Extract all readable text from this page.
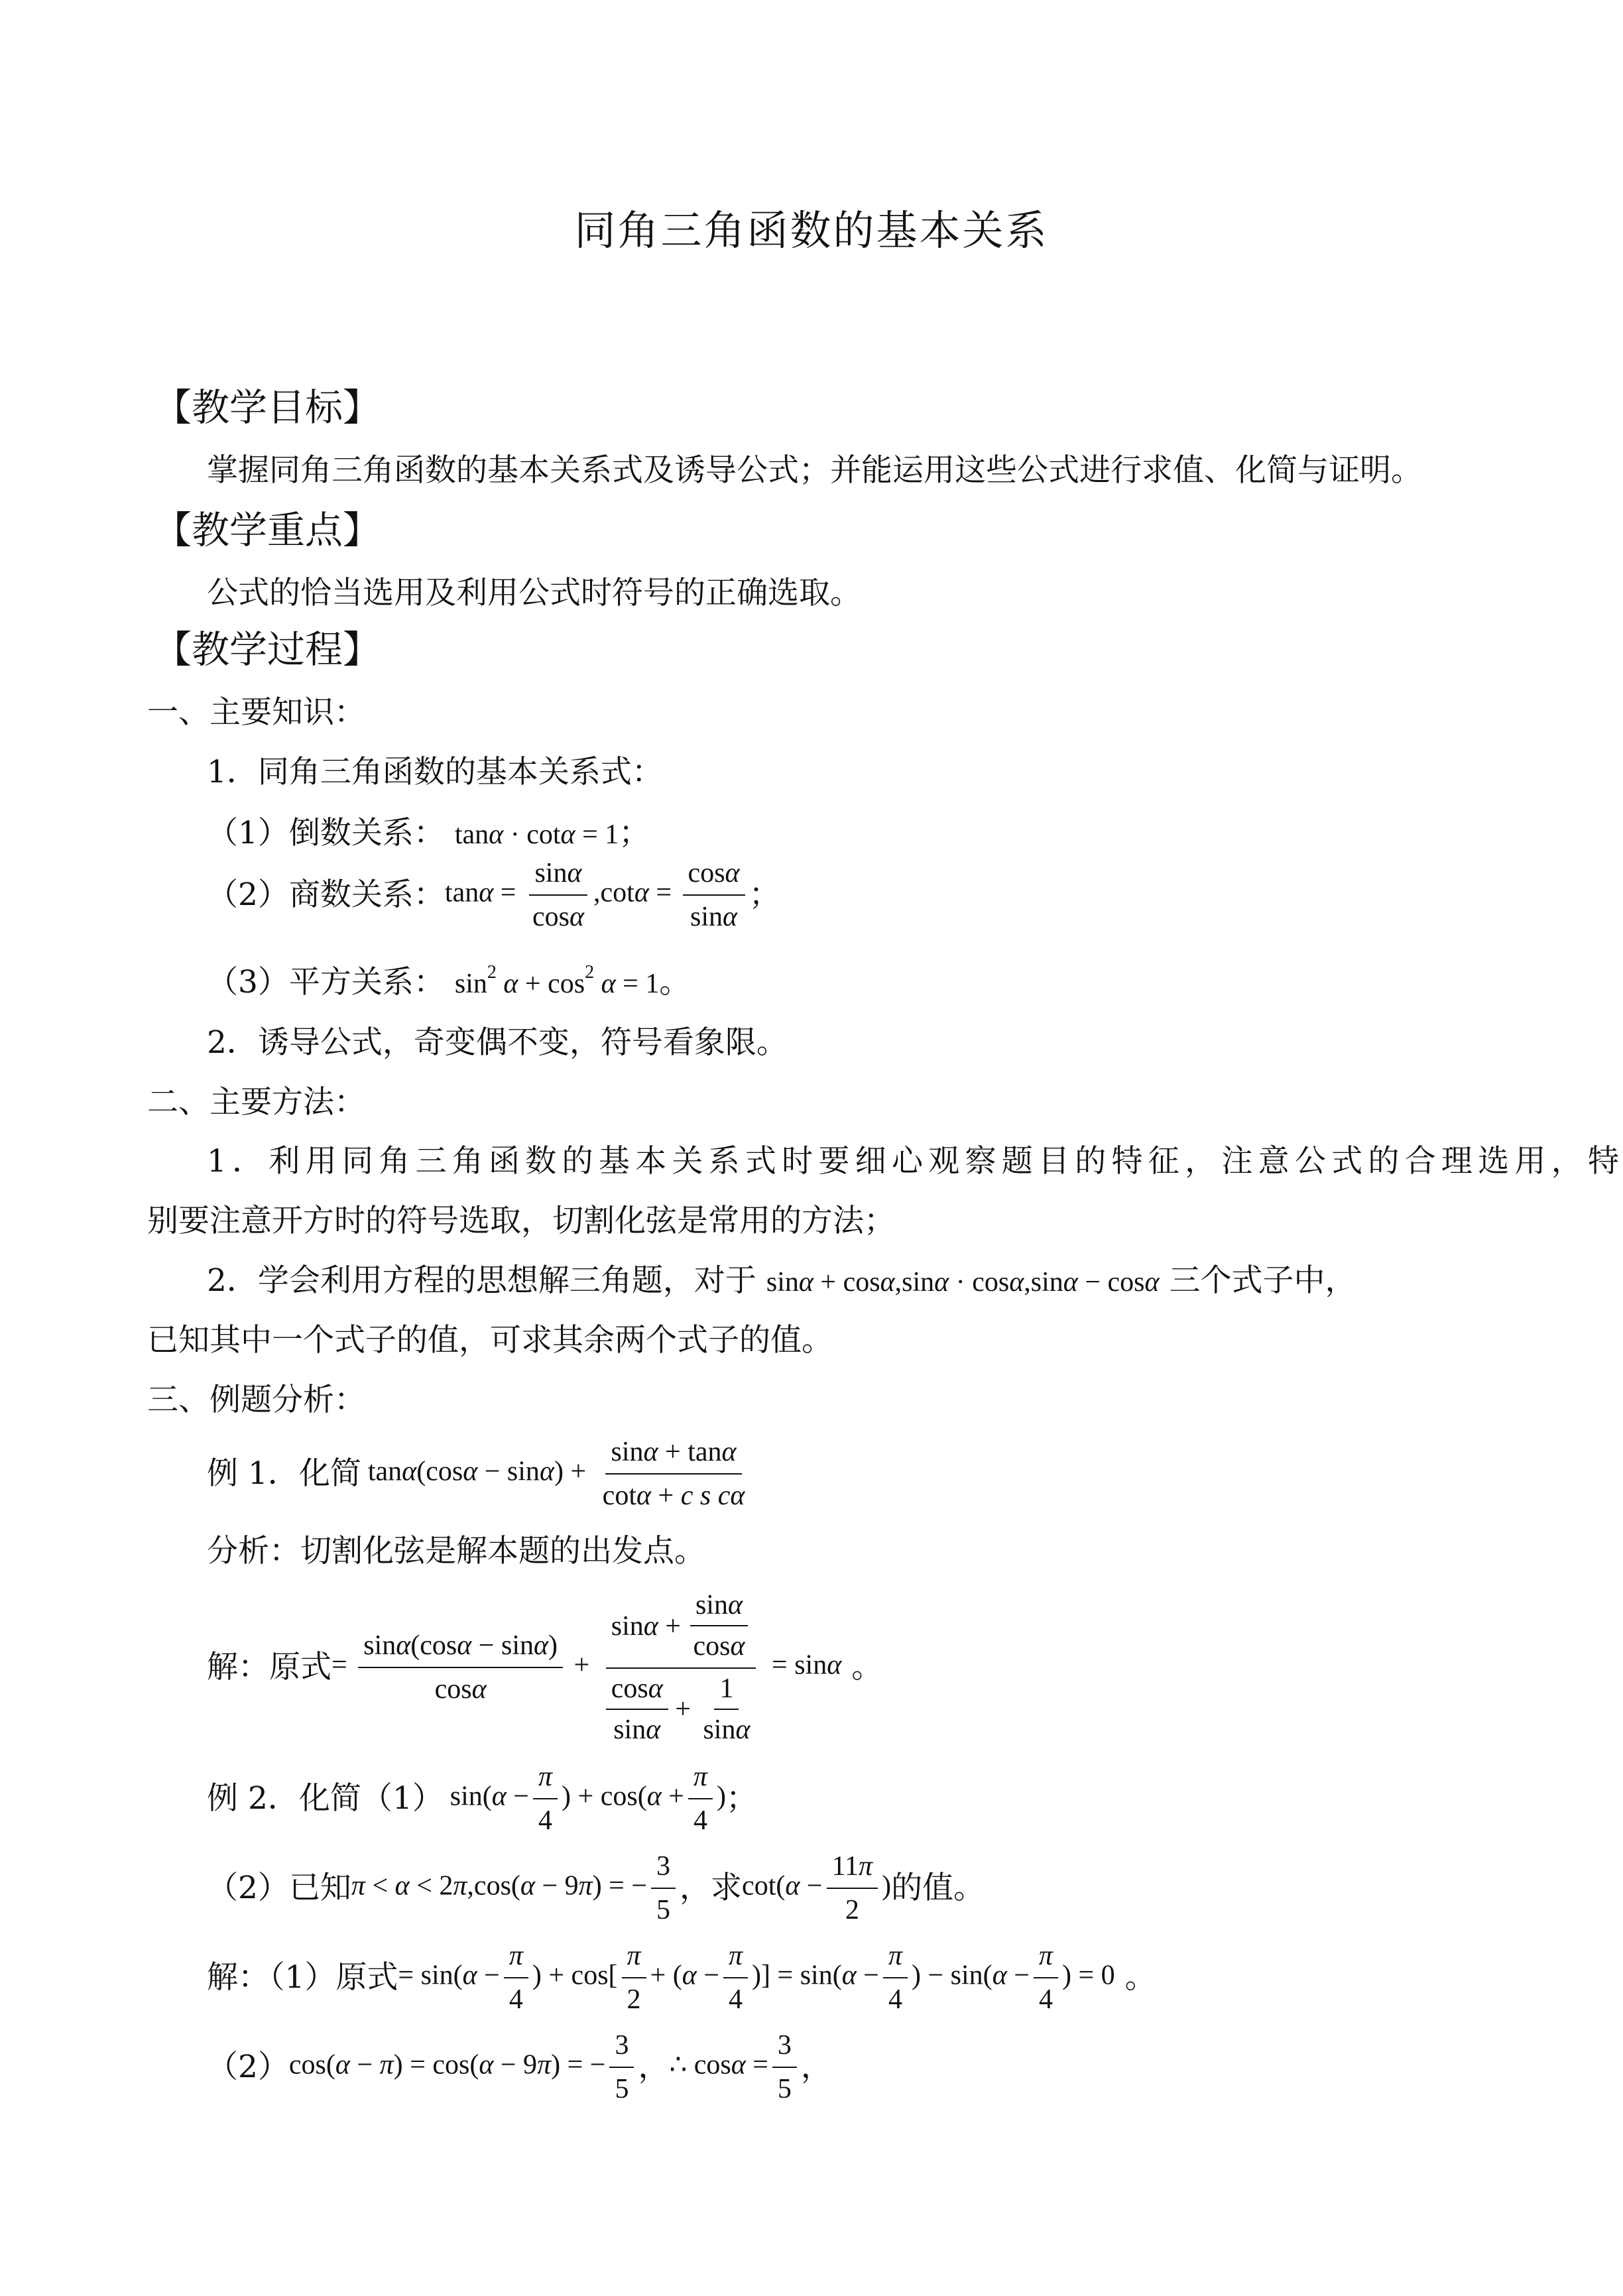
同角三角函数的基本关系
【教学目标】
掌握同角三角函数的基本关系式及诱导公式；并能运用这些公式进行求值、化简与证明。
【教学重点】
公式的恰当选用及利用公式时符号的正确选取。
【教学过程】
一、主要知识：
1．同角三角函数的基本关系式：
（1）倒数关系： tanα · cotα = 1；
（2）商数关系： $\tan\alpha = \frac{\sin\alpha}{\cos\alpha} ,\cot\alpha = \frac{\cos\alpha}{\sin\alpha}$ ；
（3）平方关系： $\sin^2 \alpha + \cos^2 \alpha = 1$。
2．诱导公式，奇变偶不变，符号看象限。
二、主要方法：
1．利用同角三角函数的基本关系式时要细心观察题目的特征，注意公式的合理选用，特
别要注意开方时的符号选取，切割化弦是常用的方法；
2．学会利用方程的思想解三角题，对于 sinα + cosα,sinα · cosα,sinα − cosα 三个式子中，
已知其中一个式子的值，可求其余两个式子的值。
三、例题分析：
例 1．化简 $\tan\alpha(\cos\alpha - \sin\alpha) + \frac{\sin\alpha + \tan\alpha}{\text{cotα + c s cα}}$
分析：切割化弦是解本题的出发点。
解：原式 = $\frac{\sin\alpha(\cos\alpha - \sin\alpha)}{\cos\alpha} + \frac{\sin \alpha + \frac{\sin\alpha}{\cos\alpha}}{\frac{\cos\alpha}{\sin\alpha} + \frac{1}{\sin\alpha}} = \sin\alpha$
。
例 2．化简（1） $\sin(\alpha - \frac{\pi}{4}$ ) + $\cos(\alpha + \frac{\pi}{4}$ ) ；
（2）已知 π < α < 2π,cos(α − 9π) = − $\frac{3}{5}$ ，求 $\cot(\alpha - \frac{11\pi}{2}$ ) 的值。
解：（1）原式 = $\sin(\alpha - \frac{\pi}{4}$ ) + $\cos[ \frac{\pi}{2} + (\alpha - \frac{\pi}{4}$ )] = $\sin(\alpha - \frac{\pi}{4}$ ) − $\sin(\alpha - \frac{\pi}{4}$ ) = 0
。
（2） cos(α − π) = cos(α − 9π) = − $\frac{3}{5}$ ， ∴ $\cos\alpha = \frac{3}{5}$ ，
